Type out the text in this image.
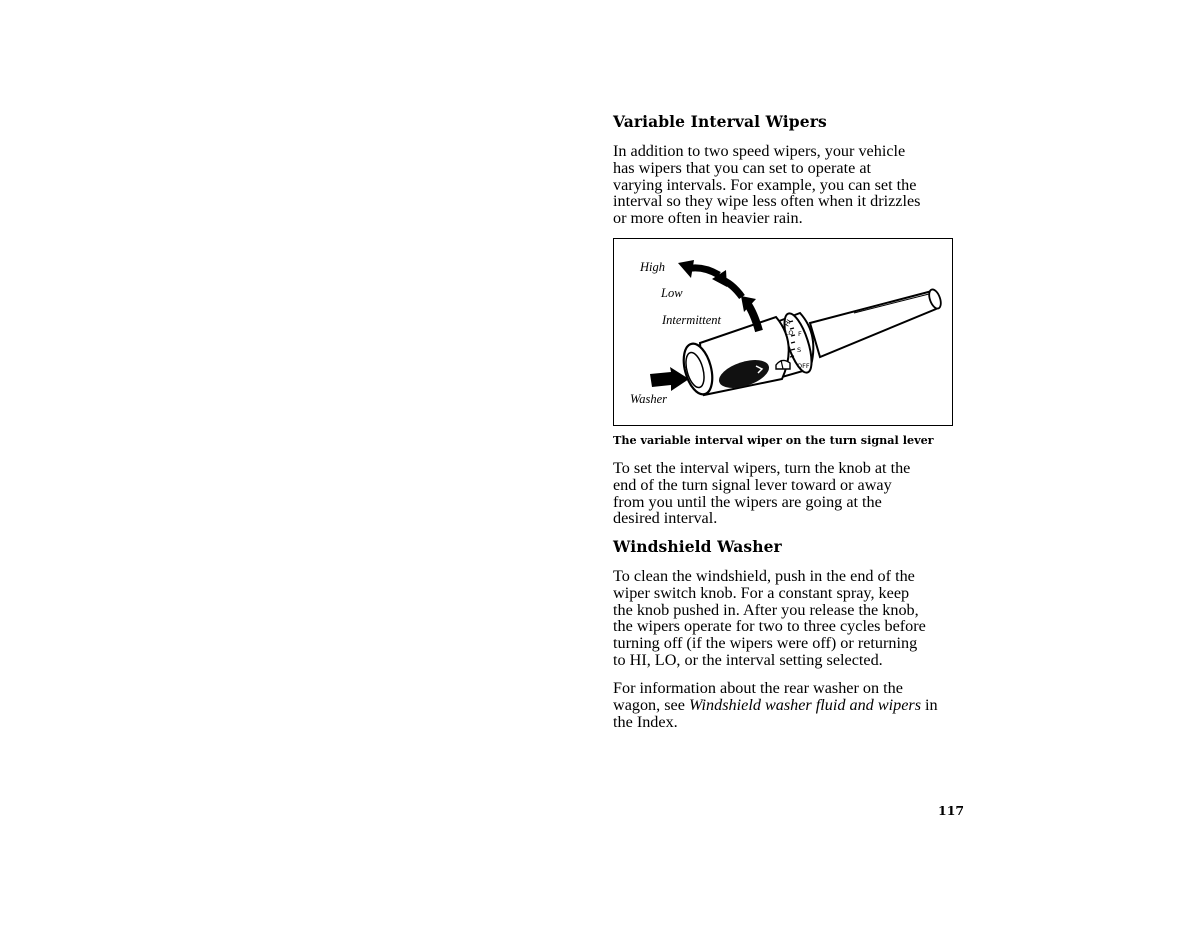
Variable Interval Wipers

In addition to two speed wipers, your vehicle
has wipers that you can set to operate at
varying intervals. For example, you can set the
interval so they wipe less often when it drizzles
or more often in heavier rain.

HI
LO F
S
OFF
High
Low
Intermittent
Washer
The variable interval wiper on the turn signal lever

To set the interval wipers, turn the knob at the
end of the turn signal lever toward or away
from you until the wipers are going at the
desired interval.

Windshield Washer

To clean the windshield, push in the end of the
wiper switch knob. For a constant spray, keep
the knob pushed in. After you release the knob,
the wipers operate for two to three cycles before
turning off (if the wipers were off) or returning
to HI, LO, or the interval setting selected.

For information about the rear washer on the
wagon, see Windshield washer fluid and wipers in
the Index.

117
